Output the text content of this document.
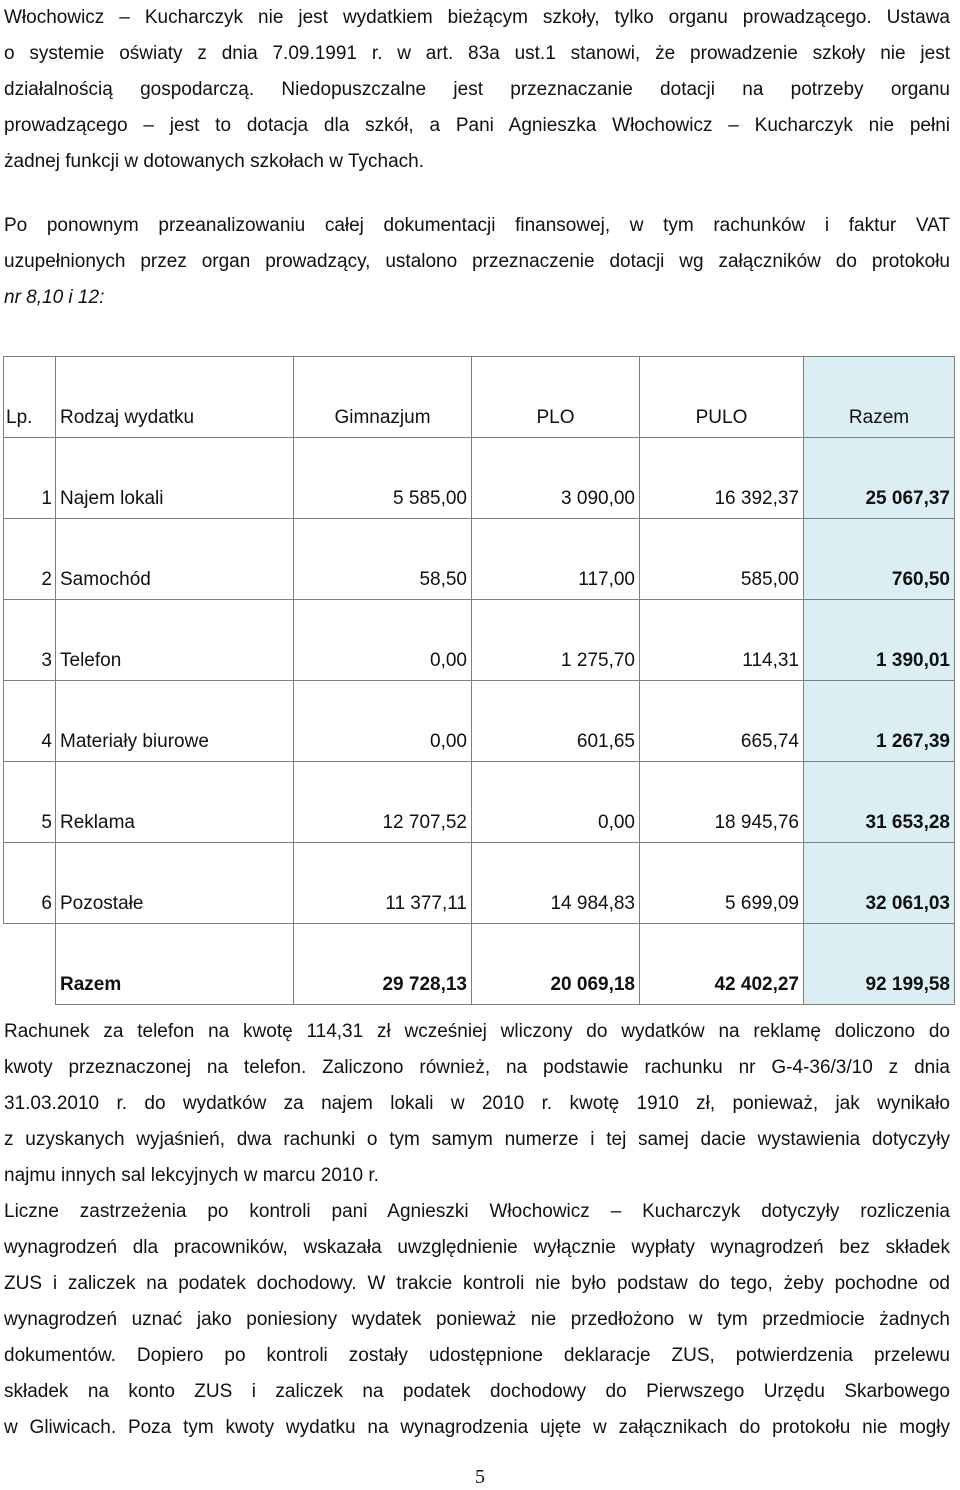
Włochowicz – Kucharczyk nie jest wydatkiem bieżącym szkoły, tylko organu prowadzącego. Ustawa
o systemie oświaty z dnia 7.09.1991 r. w art. 83a ust.1 stanowi, że prowadzenie szkoły nie jest
działalnością gospodarczą. Niedopuszczalne jest przeznaczanie dotacji na potrzeby organu
prowadzącego – jest to dotacja dla szkół, a Pani Agnieszka Włochowicz – Kucharczyk nie pełni
żadnej funkcji w dotowanych szkołach w Tychach.

Po ponownym przeanalizowaniu całej dokumentacji finansowej, w tym rachunków i faktur VAT
uzupełnionych przez organ prowadzący, ustalono przeznaczenie dotacji wg załączników do protokołu
nr 8,10 i 12:

Lp.	Rodzaj wydatku	Gimnazjum	PLO	PULO	Razem
1	Najem lokali	5 585,00	3 090,00	16 392,37	25 067,37
2	Samochód	58,50	117,00	585,00	760,50
3	Telefon	0,00	1 275,70	114,31	1 390,01
4	Materiały biurowe	0,00	601,65	665,74	1 267,39
5	Reklama	12 707,52	0,00	18 945,76	31 653,28
6	Pozostałe	11 377,11	14 984,83	5 699,09	32 061,03
	Razem	29 728,13	20 069,18	42 402,27	92 199,58

Rachunek za telefon na kwotę 114,31 zł wcześniej wliczony do wydatków na reklamę doliczono do
kwoty przeznaczonej na telefon. Zaliczono również, na podstawie rachunku nr G-4-36/3/10 z dnia
31.03.2010 r. do wydatków za najem lokali w 2010 r. kwotę 1910 zł, ponieważ, jak wynikało
z uzyskanych wyjaśnień, dwa rachunki o tym samym numerze i tej samej dacie wystawienia dotyczyły
najmu innych sal lekcyjnych w marcu 2010 r.

Liczne zastrzeżenia po kontroli pani Agnieszki Włochowicz – Kucharczyk dotyczyły rozliczenia
wynagrodzeń dla pracowników, wskazała uwzględnienie wyłącznie wypłaty wynagrodzeń bez składek
ZUS i zaliczek na podatek dochodowy. W trakcie kontroli nie było podstaw do tego, żeby pochodne od
wynagrodzeń uznać jako poniesiony wydatek ponieważ nie przedłożono w tym przedmiocie żadnych
dokumentów. Dopiero po kontroli zostały udostępnione deklaracje ZUS, potwierdzenia przelewu
składek na konto ZUS i zaliczek na podatek dochodowy do Pierwszego Urzędu Skarbowego
w Gliwicach. Poza tym kwoty wydatku na wynagrodzenia ujęte w załącznikach do protokołu nie mogły

5
